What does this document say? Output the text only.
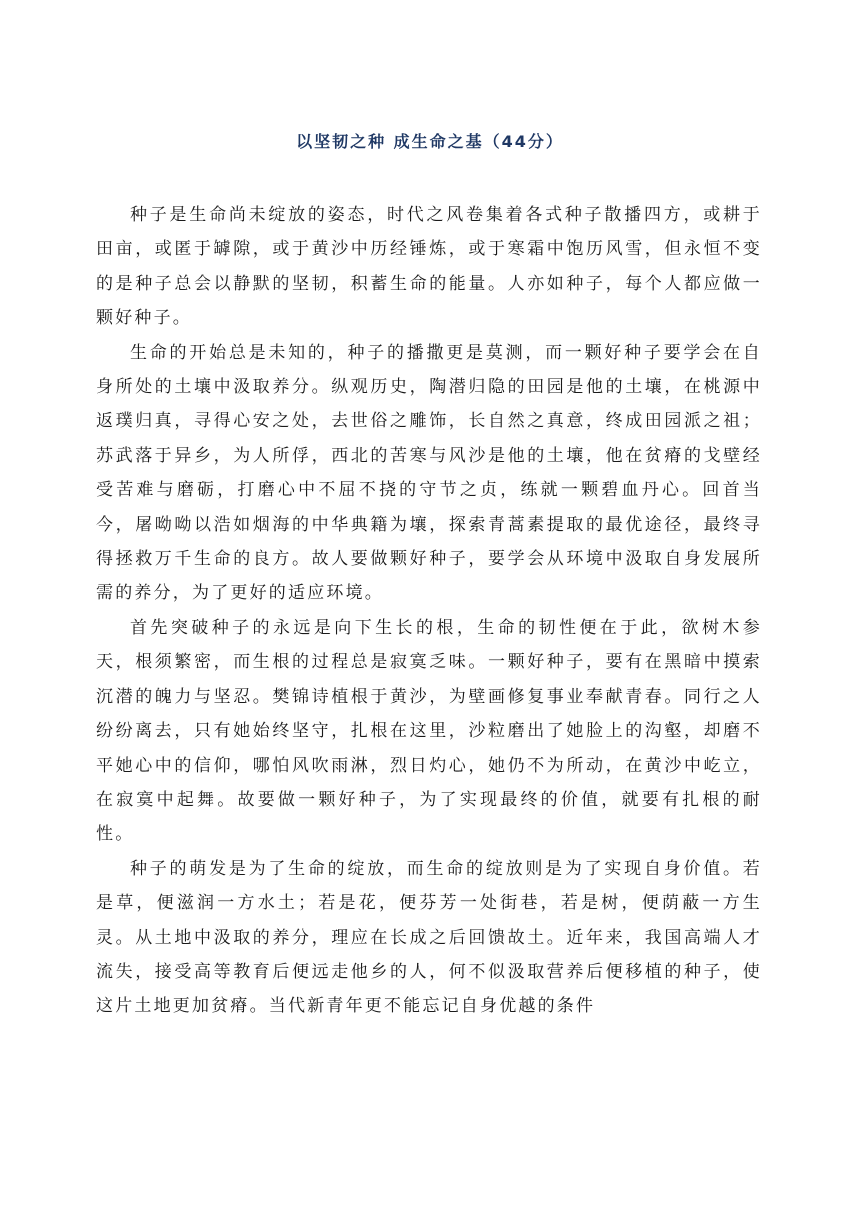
以坚韧之种 成生命之基（44分）

种子是生命尚未绽放的姿态，时代之风卷集着各式种子散播四方，或耕于田亩，或匿于罅隙，或于黄沙中历经锤炼，或于寒霜中饱历风雪，但永恒不变的是种子总会以静默的坚韧，积蓄生命的能量。人亦如种子，每个人都应做一颗好种子。

生命的开始总是未知的，种子的播撒更是莫测，而一颗好种子要学会在自身所处的土壤中汲取养分。纵观历史，陶潜归隐的田园是他的土壤，在桃源中返璞归真，寻得心安之处，去世俗之雕饰，长自然之真意，终成田园派之祖；苏武落于异乡，为人所俘，西北的苦寒与风沙是他的土壤，他在贫瘠的戈壁经受苦难与磨砺，打磨心中不屈不挠的守节之贞，练就一颗碧血丹心。回首当今，屠呦呦以浩如烟海的中华典籍为壤，探索青蒿素提取的最优途径，最终寻得拯救万千生命的良方。故人要做颗好种子，要学会从环境中汲取自身发展所需的养分，为了更好的适应环境。

首先突破种子的永远是向下生长的根，生命的韧性便在于此，欲树木参天，根须繁密，而生根的过程总是寂寞乏味。一颗好种子，要有在黑暗中摸索沉潜的魄力与坚忍。樊锦诗植根于黄沙，为壁画修复事业奉献青春。同行之人纷纷离去，只有她始终坚守，扎根在这里，沙粒磨出了她脸上的沟壑，却磨不平她心中的信仰，哪怕风吹雨淋，烈日灼心，她仍不为所动，在黄沙中屹立，在寂寞中起舞。故要做一颗好种子，为了实现最终的价值，就要有扎根的耐性。

种子的萌发是为了生命的绽放，而生命的绽放则是为了实现自身价值。若是草，便滋润一方水土；若是花，便芬芳一处街巷，若是树，便荫蔽一方生灵。从土地中汲取的养分，理应在长成之后回馈故土。近年来，我国高端人才流失，接受高等教育后便远走他乡的人，何不似汲取营养后便移植的种子，使这片土地更加贫瘠。当代新青年更不能忘记自身优越的条件
